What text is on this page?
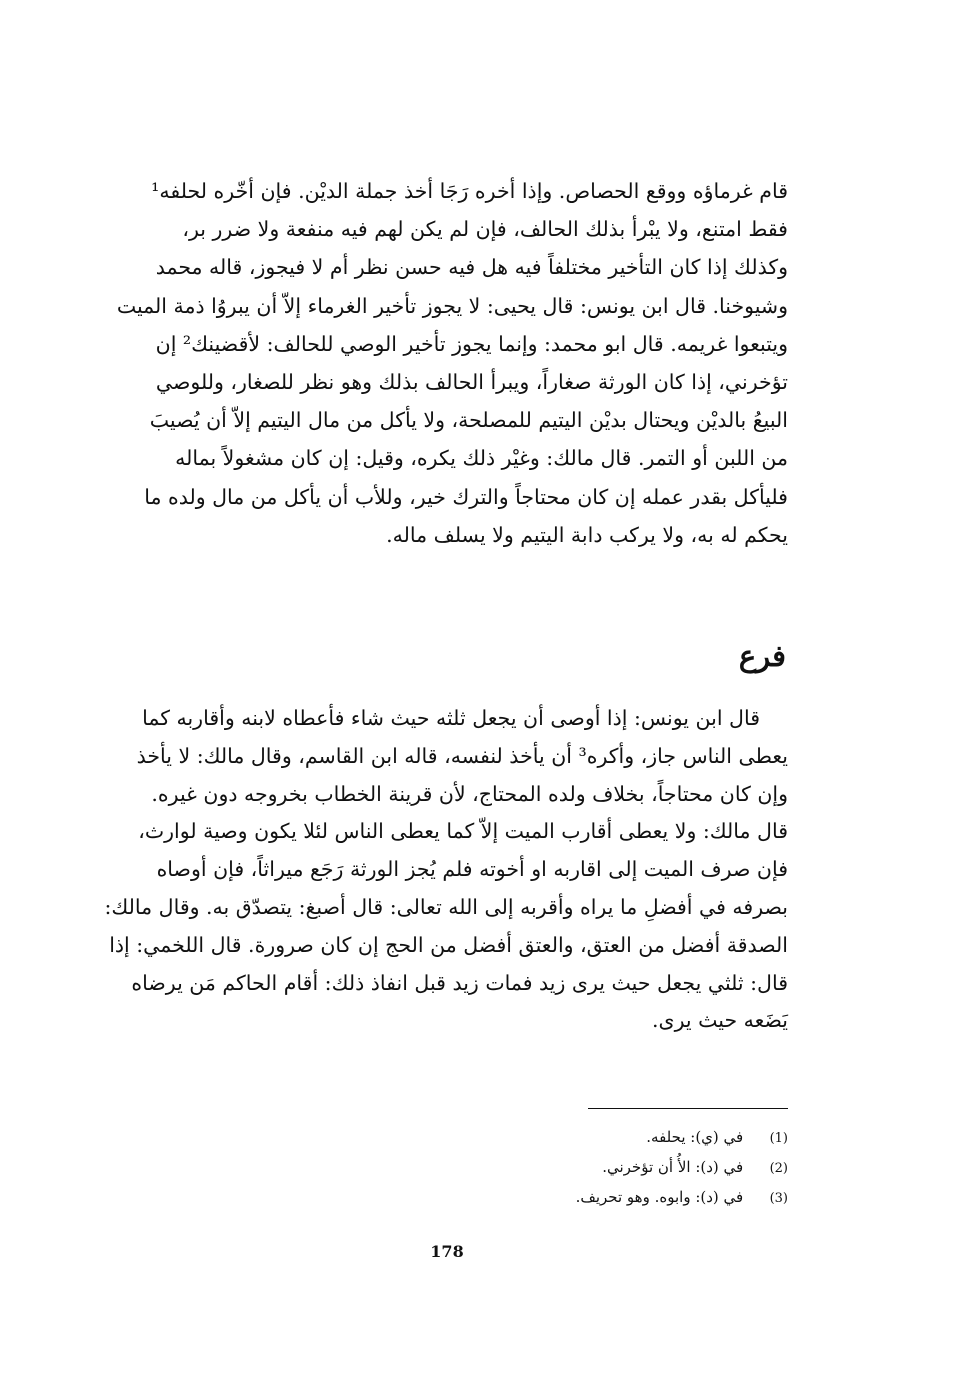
قام غرماؤه ووقع الحصاص. وإذا أخره رَجَا أخذ جملة الديْن. فإن أخّره لحلفه¹
فقط امتنع، ولا يبْرأ بذلك الحالف، فإن لم يكن لهم فيه منفعة ولا ضرر بر،
وكذلك إذا كان التأخير مختلفاً فيه هل فيه حسن نظر أم لا فيجوز، قاله محمد
وشيوخنا. قال ابن يونس: قال يحيى: لا يجوز تأخير الغرماء إلاّ أن يبروُا ذمة الميت
ويتبعوا غريمه. قال ابو محمد: وإنما يجوز تأخير الوصي للحالف: لأقضينك² إن
تؤخرني، إذا كان الورثة صغاراً، ويبرأ الحالف بذلك وهو نظر للصغار، وللوصي
البيعُ بالديْن ويحتال بديْن اليتيم للمصلحة، ولا يأكل من مال اليتيم إلاّ أن يُصيبَ
من اللبن أو التمر. قال مالك: وغيْر ذلك يكره، وقيل: إن كان مشغولاً بماله
فليأكل بقدر عمله إن كان محتاجاً والترك خير، وللأب أن يأكل من مال ولده ما
يحكم له به، ولا يركب دابة اليتيم ولا يسلف ماله.
فرع
قال ابن يونس: إذا أوصى أن يجعل ثلثه حيث شاء فأعطاه لابنه وأقاربه كما
يعطى الناس جاز، وأكره³ أن يأخذ لنفسه، قاله ابن القاسم، وقال مالك: لا يأخذ
وإن كان محتاجاً، بخلاف ولده المحتاج، لأن قرينة الخطاب بخروجه دون غيره.
قال مالك: ولا يعطى أقارب الميت إلاّ كما يعطى الناس لئلا يكون وصية لوارث،
فإن صرف الميت إلى اقاربه او أخوته فلم يُجز الورثة رَجَع ميراثاً، فإن أوصاه
بصرفه في أفضلِ ما يراه وأقربه إلى الله تعالى: قال أصبغ: يتصدّق به. وقال مالك:
الصدقة أفضل من العتق، والعتق أفضل من الحج إن كان صرورة. قال اللخمي: إذا
قال: ثلثي يجعل حيث يرى زيد فمات زيد قبل انفاذ ذلك: أقام الحاكم مَن يرضاه
يَضَعه حيث يرى.
(1) في (ي): يحلفه.
(2) في (د): الأُ أن تؤخرني.
(3) في (د): وابوه. وهو تحريف.
178
